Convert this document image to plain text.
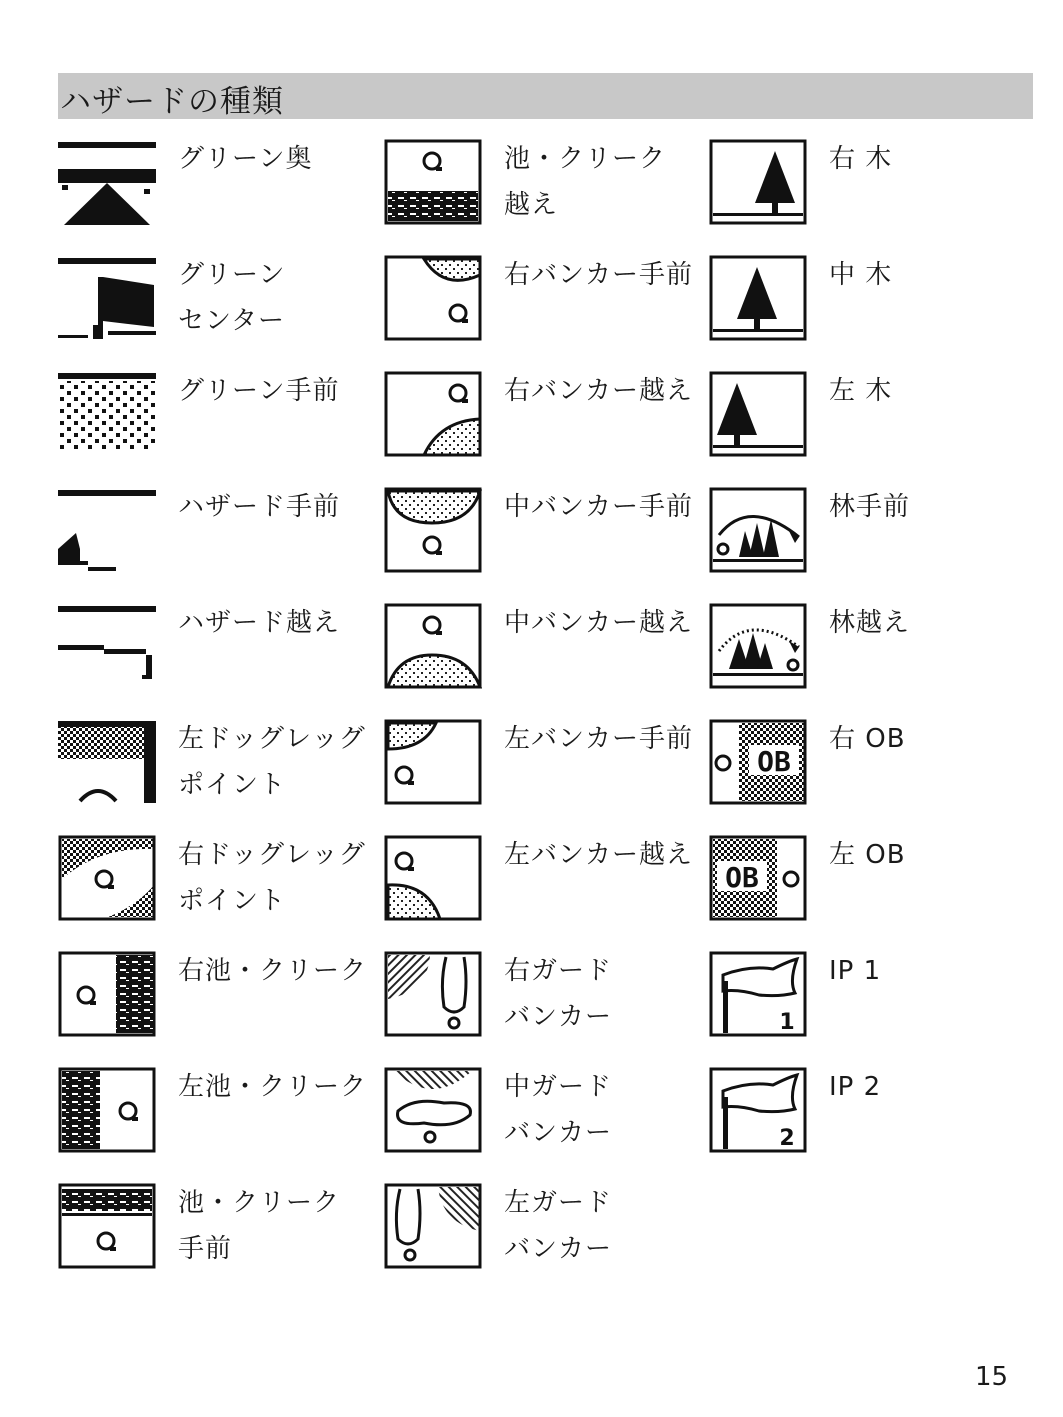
ハザードの種類
グリーン奥
グリーン
センター
グリーン手前
ハザード手前
ハザード越え
左ドッグレッグ
ポイント
右ドッグレッグ
ポイント
右池・クリーク
左池・クリーク
池・クリーク
手前
池・クリーク
越え
右バンカー手前
右バンカー越え
中バンカー手前
中バンカー越え
左バンカー手前
左バンカー越え
右ガード
バンカー
中ガード
バンカー
左ガード
バンカー
右 木
中 木
左 木
林手前
林越え
OB
右 OB
OB
左 OB
1
IP 1
2
IP 2
15
